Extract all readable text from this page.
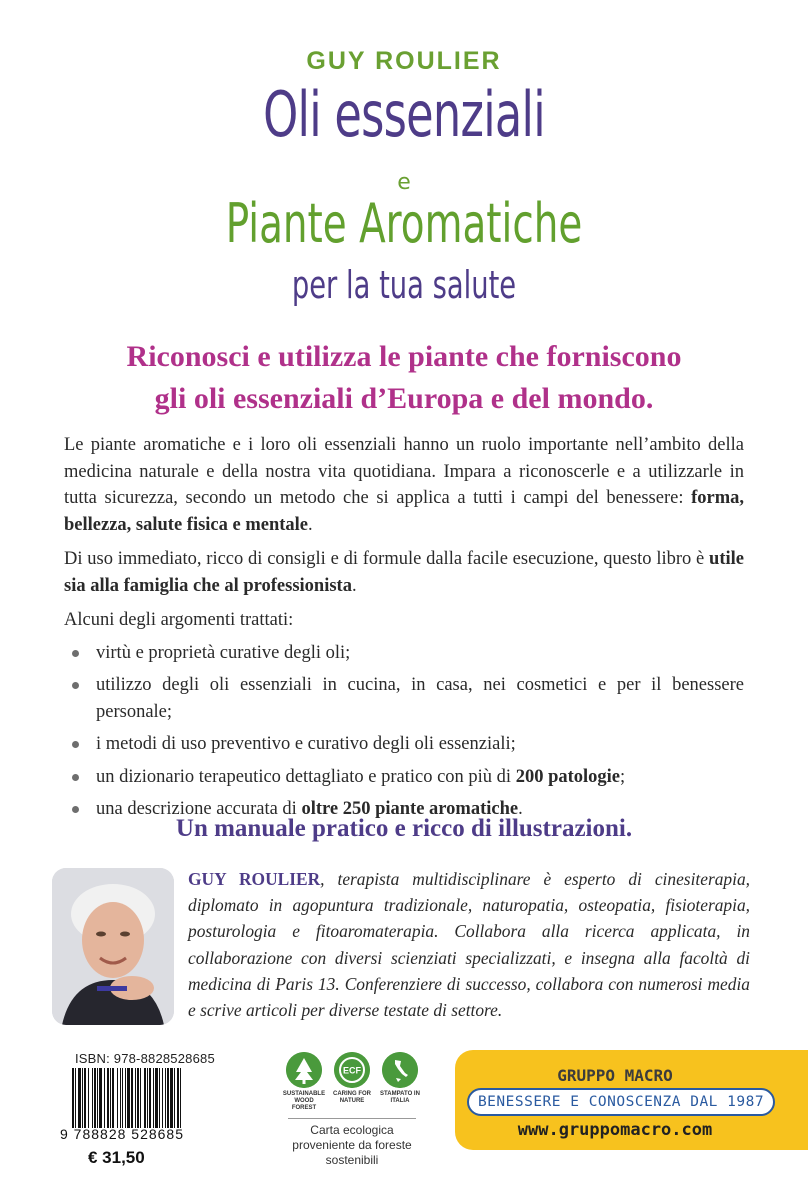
GUY ROULIER
Oli essenziali
e
Piante Aromatiche
per la tua salute
Riconosci e utilizza le piante che forniscono
gli oli essenziali d’Europa e del mondo.

Le piante aromatiche e i loro oli essenziali hanno un ruolo importante nell’ambito della medicina naturale e della nostra vita quotidiana. Impara a riconoscerle e a utilizzarle in tutta sicurezza, secondo un metodo che si applica a tutti i campi del benessere: forma, bellezza, salute fisica e mentale.

Di uso immediato, ricco di consigli e di formule dalla facile esecuzione, questo libro è utile sia alla famiglia che al professionista.

Alcuni degli argomenti trattati:

virtù e proprietà curative degli oli;
utilizzo degli oli essenziali in cucina, in casa, nei cosmetici e per il benessere personale;
i metodi di uso preventivo e curativo degli oli essenziali;
un dizionario terapeutico dettagliato e pratico con più di 200 patologie;
una descrizione accurata di oltre 250 piante aromatiche.
Un manuale pratico e ricco di illustrazioni.
GUY ROULIER, terapista multidisciplinare è esperto di cinesiterapia, diplomato in agopuntura tradizionale, naturopatia, osteopatia, fisioterapia, posturologia e fitoaromaterapia. Collabora alla ricerca applicata, in collaborazione con diversi scienziati specializzati, e insegna alla facoltà di medicina di Paris 13. Conferenziere di successo, collabora con numerosi media e scrive articoli per diverse testate di settore.
ISBN: 978-8828528685
9 788828 528685
€ 31,50
SUSTAINABLE WOOD FOREST
ECF
CARING FOR NATURE
STAMPATO IN ITALIA
Carta ecologica proveniente da foreste sostenibili
GRUPPO MACRO
BENESSERE E CONOSCENZA DAL 1987
www.gruppomacro.com
